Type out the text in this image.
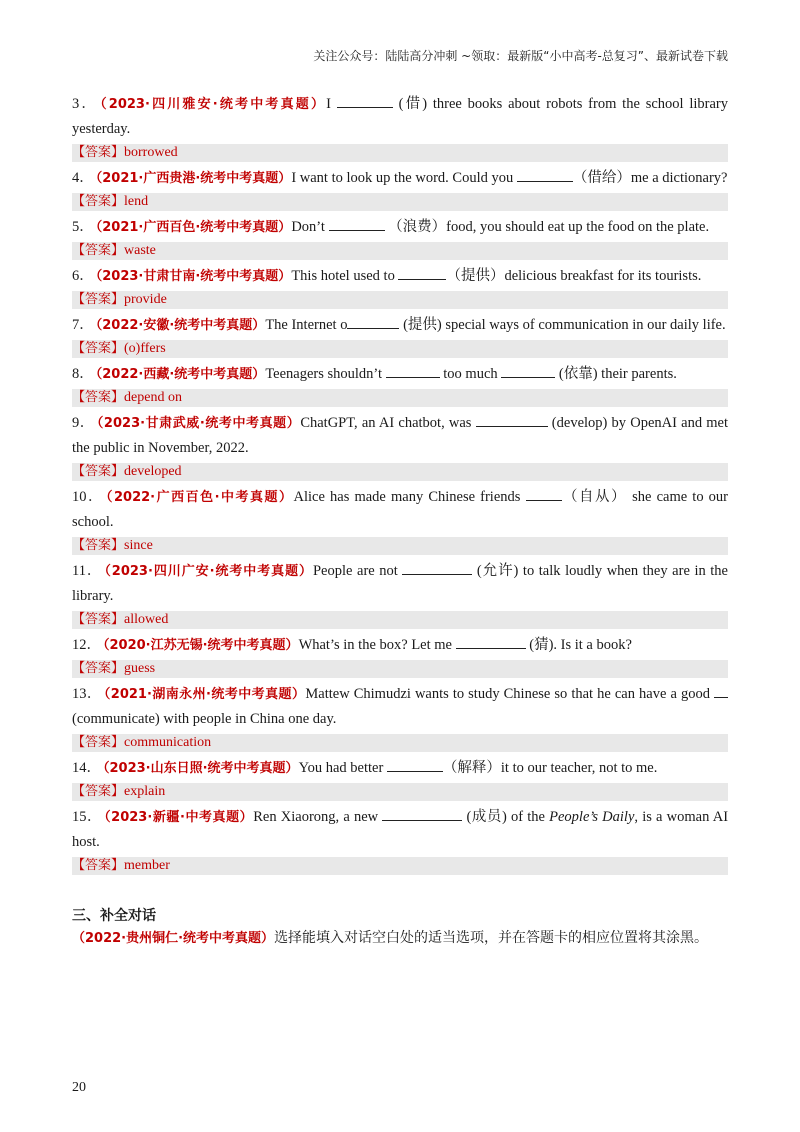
关注公众号：陆陆高分冲刺 ~领取：最新版“小中高考-总复习”、最新试卷下载

3． （2023·四川雅安·统考中考真题）I	(借) three books about robots from the school library yesterday.

【答案】borrowed

4． （2021·广西贵港·统考中考真题）I want to look up the word. Could you	（借给）me a dictionary?

【答案】lend

5． （2021·广西百色·统考中考真题）Don’t	（浪费）food, you should eat up the food on the plate.

【答案】waste

6． （2023·甘肃甘南·统考中考真题）This hotel used to	（提供）delicious breakfast for its tourists.

【答案】provide

7． （2022·安徽·统考中考真题）The Internet o	(提供) special ways of communication in our daily life.

【答案】(o)ffers

8． （2022·西藏·统考中考真题）Teenagers shouldn’t	too much	(依靠) their parents.

【答案】depend on

9． （2023·甘肃武威·统考中考真题）ChatGPT, an AI chatbot, was	(develop) by OpenAI and met the public in November, 2022.

【答案】developed

10． （2022·广西百色·中考真题）Alice has made many Chinese friends （自从） she came to our school.

【答案】since

11． （2023·四川广安·统考中考真题）People are not	(允许) to talk loudly when they are in the library.

【答案】allowed

12． （2020·江苏无锡·统考中考真题）What’s in the box? Let me	(猜). Is it a book?

【答案】guess

13． （2021·湖南永州·统考中考真题）Mattew Chimudzi wants to study Chinese so that he can have a good  (communicate) with people in China one day.

【答案】communication

14． （2023·山东日照·统考中考真题）You had better	（解释）it to our teacher, not to me.

【答案】explain

15． （2023·新疆·中考真题）Ren Xiaorong, a new	(成员) of the People’s Daily, is a woman AI host.

【答案】member
三、补全对话
（2022·贵州铜仁·统考中考真题）选择能填入对话空白处的适当选项，并在答题卡的相应位置将其涂黑。
20
